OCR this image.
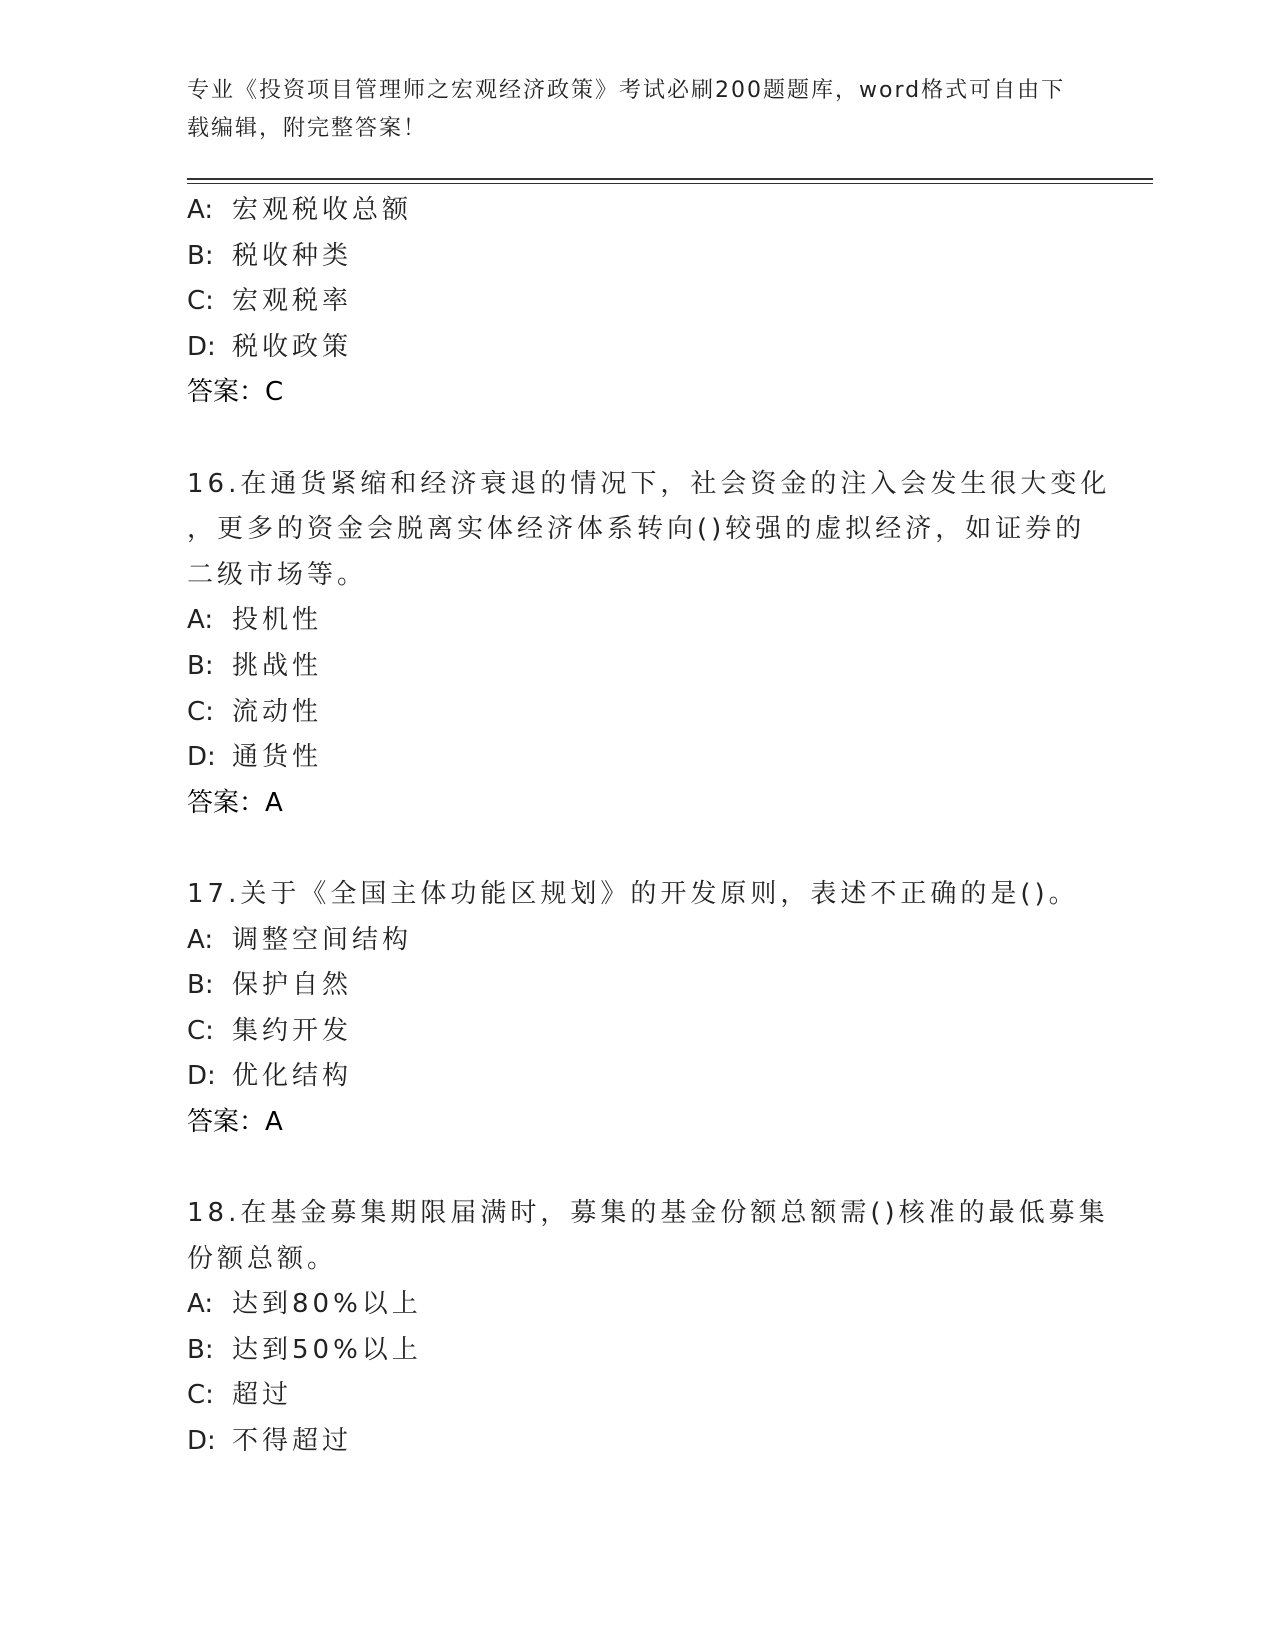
专业《投资项目管理师之宏观经济政策》考试必刷200题题库，word格式可自由下载编辑，附完整答案！
A: 宏观税收总额
B: 税收种类
C: 宏观税率
D: 税收政策
答案：C
16.在通货紧缩和经济衰退的情况下，社会资金的注入会发生很大变化
，更多的资金会脱离实体经济体系转向()较强的虚拟经济，如证券的
二级市场等。
A: 投机性
B: 挑战性
C: 流动性
D: 通货性
答案：A
17.关于《全国主体功能区规划》的开发原则，表述不正确的是()。
A: 调整空间结构
B: 保护自然
C: 集约开发
D: 优化结构
答案：A
18.在基金募集期限届满时，募集的基金份额总额需()核准的最低募集
份额总额。
A: 达到80%以上
B: 达到50%以上
C: 超过
D: 不得超过
